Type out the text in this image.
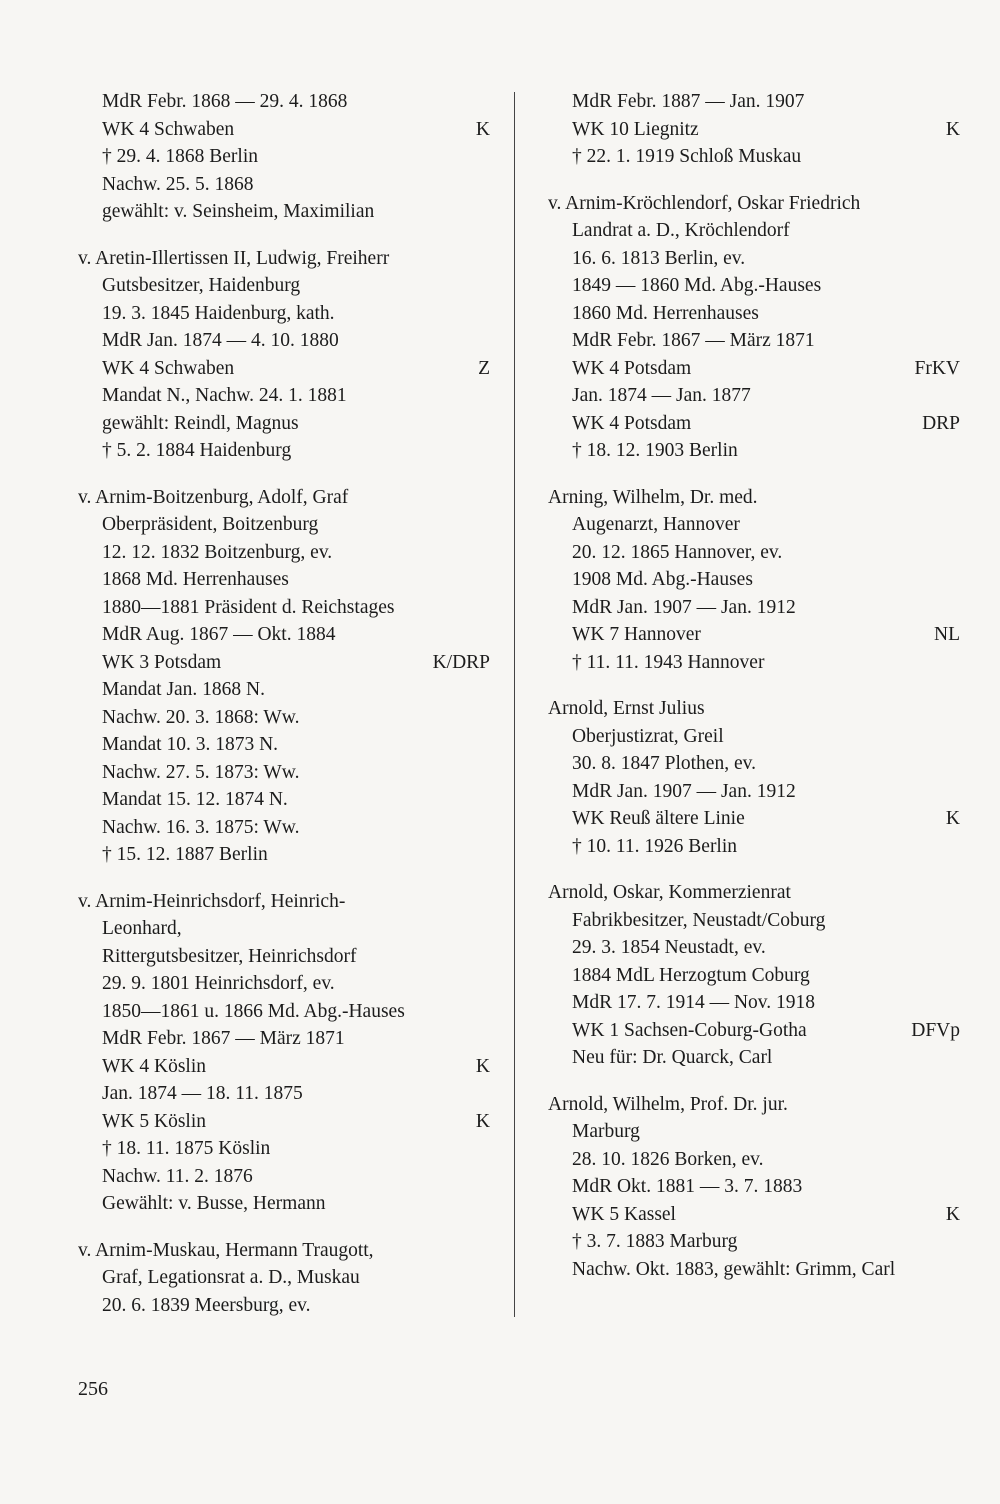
MdR Febr. 1868 — 29. 4. 1868
WK 4 Schwaben	K
† 29. 4. 1868 Berlin
Nachw. 25. 5. 1868
gewählt: v. Seinsheim, Maximilian
v. Aretin-Illertissen II, Ludwig, Freiherr
Gutsbesitzer, Haidenburg
19. 3. 1845 Haidenburg, kath.
MdR Jan. 1874 — 4. 10. 1880
WK 4 Schwaben	Z
Mandat N., Nachw. 24. 1. 1881
gewählt: Reindl, Magnus
† 5. 2. 1884 Haidenburg
v. Arnim-Boitzenburg, Adolf, Graf
Oberpräsident, Boitzenburg
12. 12. 1832 Boitzenburg, ev.
1868 Md. Herrenhauses
1880—1881 Präsident d. Reichstages
MdR Aug. 1867 — Okt. 1884
WK 3 Potsdam	K/DRP
Mandat Jan. 1868 N.
Nachw. 20. 3. 1868: Ww.
Mandat 10. 3. 1873 N.
Nachw. 27. 5. 1873: Ww.
Mandat 15. 12. 1874 N.
Nachw. 16. 3. 1875: Ww.
† 15. 12. 1887 Berlin
v. Arnim-Heinrichsdorf, Heinrich-
Leonhard,
Rittergutsbesitzer, Heinrichsdorf
29. 9. 1801 Heinrichsdorf, ev.
1850—1861 u. 1866 Md. Abg.-Hauses
MdR Febr. 1867 — März 1871
WK 4 Köslin	K
Jan. 1874 — 18. 11. 1875
WK 5 Köslin	K
† 18. 11. 1875 Köslin
Nachw. 11. 2. 1876
Gewählt: v. Busse, Hermann
v. Arnim-Muskau, Hermann Traugott,
Graf, Legationsrat a. D., Muskau
20. 6. 1839 Meersburg, ev.
MdR Febr. 1887 — Jan. 1907
WK 10 Liegnitz	K
† 22. 1. 1919 Schloß Muskau
v. Arnim-Kröchlendorf, Oskar Friedrich
Landrat a. D., Kröchlendorf
16. 6. 1813 Berlin, ev.
1849 — 1860 Md. Abg.-Hauses
1860 Md. Herrenhauses
MdR Febr. 1867 — März 1871
WK 4 Potsdam	FrKV
Jan. 1874 — Jan. 1877
WK 4 Potsdam	DRP
† 18. 12. 1903 Berlin
Arning, Wilhelm, Dr. med.
Augenarzt, Hannover
20. 12. 1865 Hannover, ev.
1908 Md. Abg.-Hauses
MdR Jan. 1907 — Jan. 1912
WK 7 Hannover	NL
† 11. 11. 1943 Hannover
Arnold, Ernst Julius
Oberjustizrat, Greil
30. 8. 1847 Plothen, ev.
MdR Jan. 1907 — Jan. 1912
WK Reuß ältere Linie	K
† 10. 11. 1926 Berlin
Arnold, Oskar, Kommerzienrat
Fabrikbesitzer, Neustadt/Coburg
29. 3. 1854 Neustadt, ev.
1884 MdL Herzogtum Coburg
MdR 17. 7. 1914 — Nov. 1918
WK 1 Sachsen-Coburg-Gotha	DFVp
Neu für: Dr. Quarck, Carl
Arnold, Wilhelm, Prof. Dr. jur.
Marburg
28. 10. 1826 Borken, ev.
MdR Okt. 1881 — 3. 7. 1883
WK 5 Kassel	K
† 3. 7. 1883 Marburg
Nachw. Okt. 1883, gewählt: Grimm, Carl
256
